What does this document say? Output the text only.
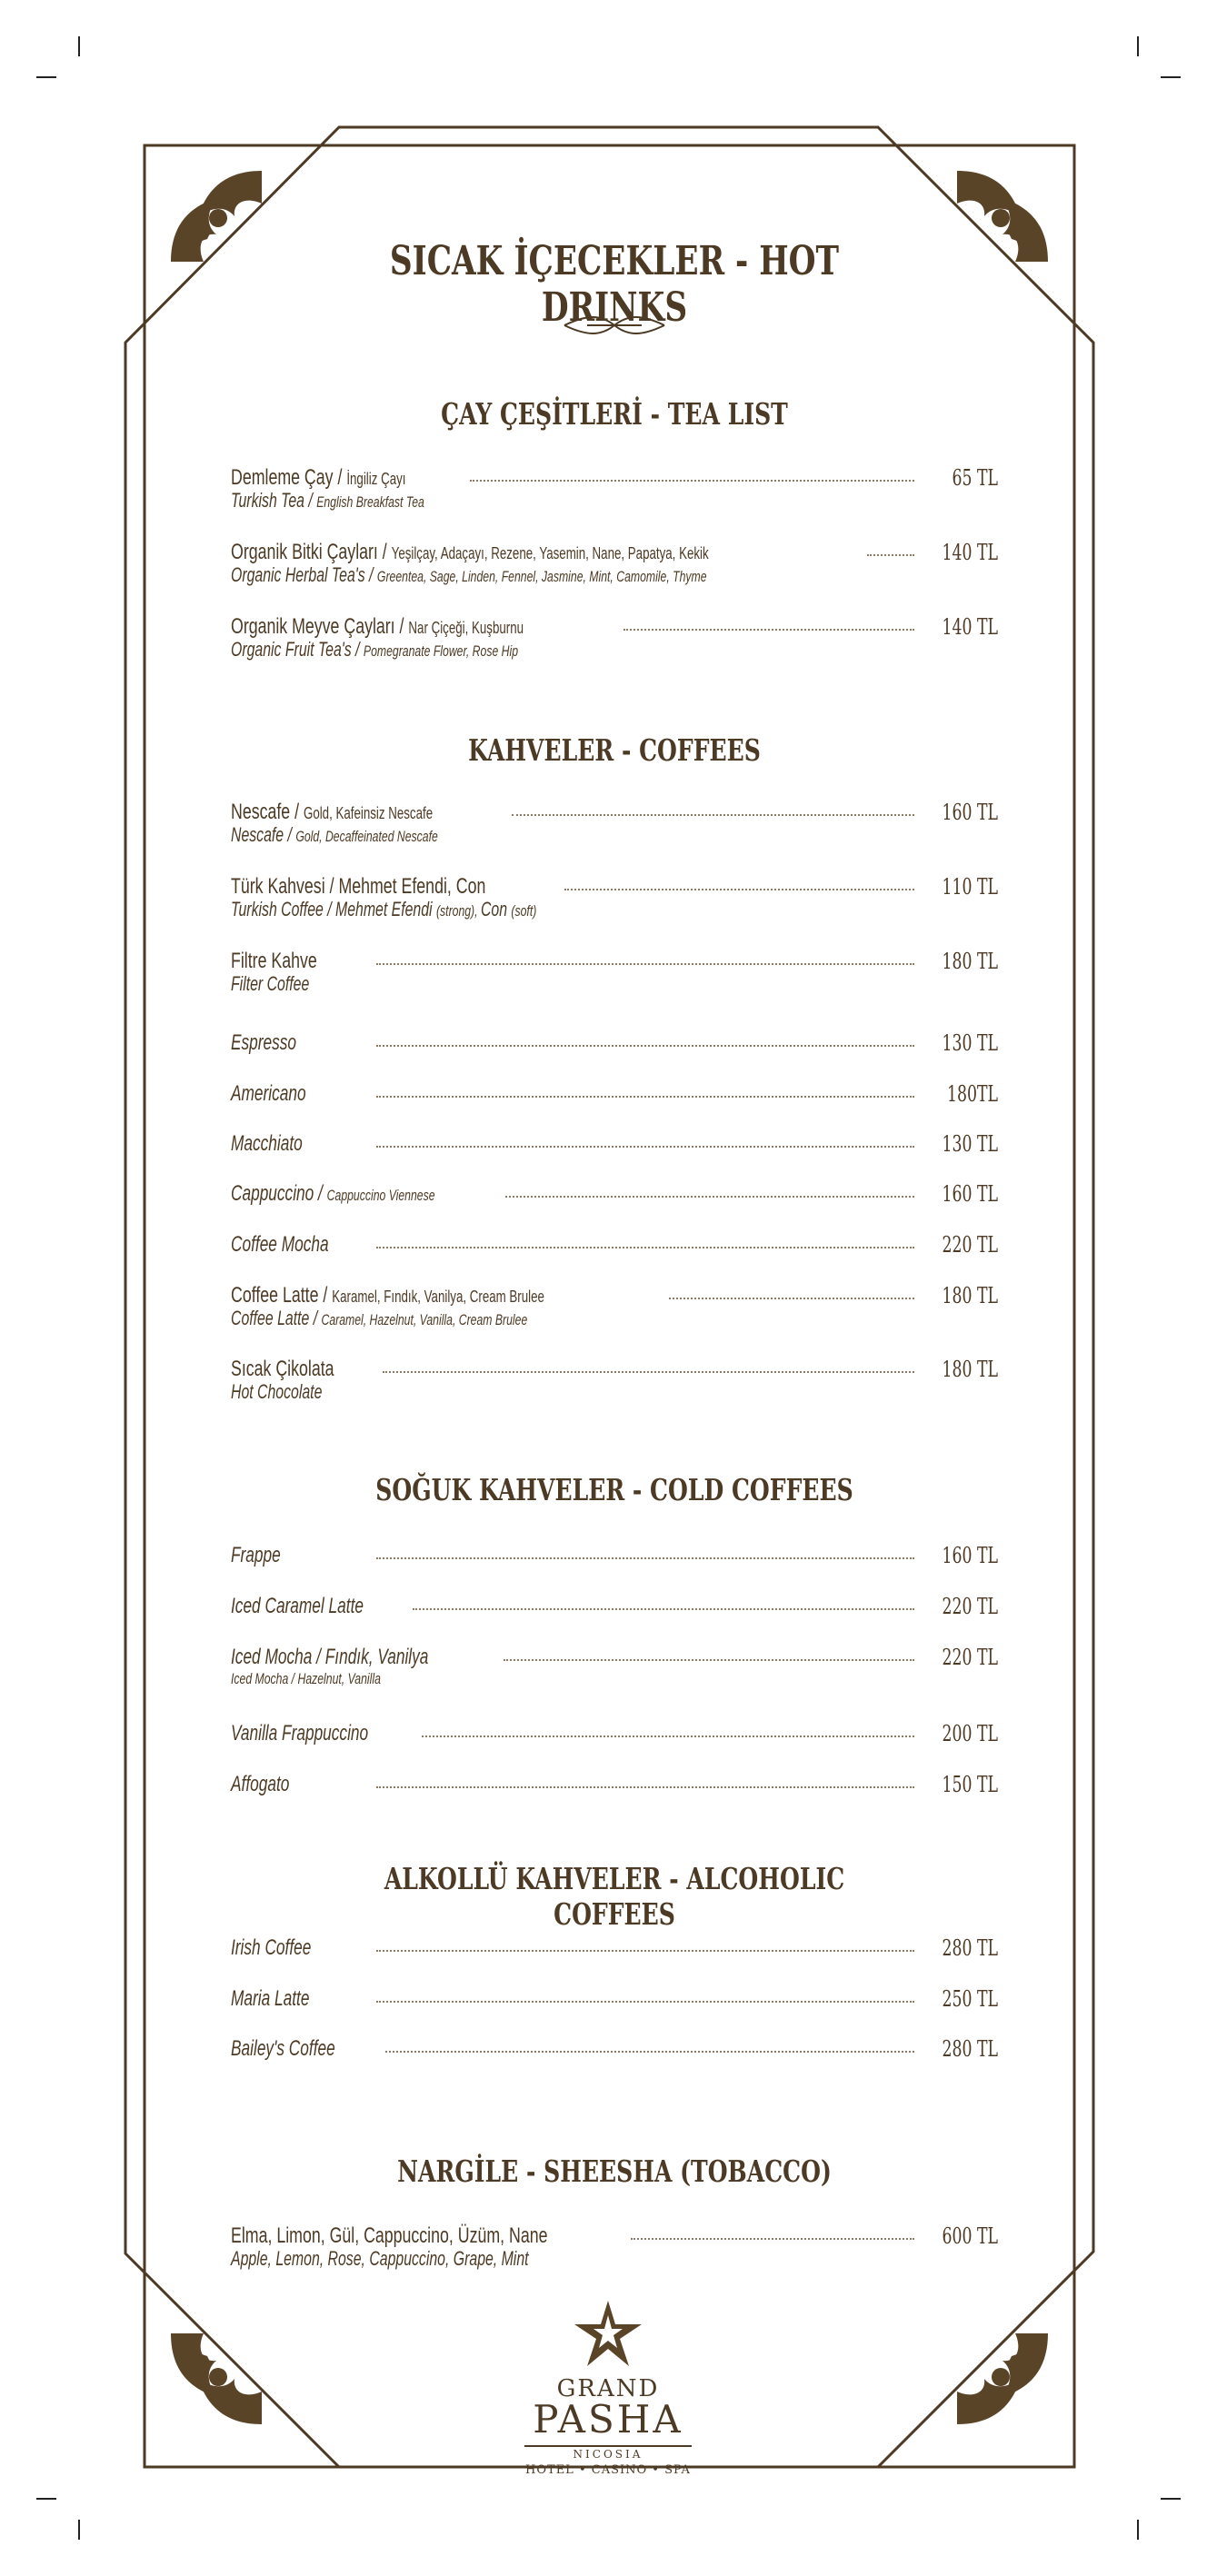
SICAK İÇECEKLER - HOT DRINKS
ÇAY ÇEŞİTLERİ - TEA LIST
Demleme Çay / İngiliz Çayı
Turkish Tea / English Breakfast Tea
65 TL
Organik Bitki Çayları / Yeşilçay, Adaçayı, Rezene, Yasemin, Nane, Papatya, Kekik
Organic Herbal Tea's / Greentea, Sage, Linden, Fennel, Jasmine, Mint, Camomile, Thyme
140 TL
Organik Meyve Çayları / Nar Çiçeği, Kuşburnu
Organic Fruit Tea's / Pomegranate Flower, Rose Hip
140 TL
KAHVELER - COFFEES
Nescafe / Gold, Kafeinsiz Nescafe
Nescafe / Gold, Decaffeinated Nescafe
160 TL
Türk Kahvesi / Mehmet Efendi, Con
Turkish Coffee / Mehmet Efendi (strong), Con (soft)
110 TL
Filtre Kahve
Filter Coffee
180 TL
Espresso	130 TL
Americano	180TL
Macchiato	130 TL
Cappuccino / Cappuccino Viennese	160 TL
Coffee Mocha	220 TL
Coffee Latte / Karamel, Fındık, Vanilya, Cream Brulee
Coffee Latte / Caramel, Hazelnut, Vanilla, Cream Brulee
180 TL
Sıcak Çikolata
Hot Chocolate
180 TL
SOĞUK KAHVELER - COLD COFFEES
Frappe	160 TL
Iced Caramel Latte	220 TL
Iced Mocha / Fındık, Vanilya
Iced Mocha / Hazelnut, Vanilla
220 TL
Vanilla Frappuccino	200 TL
Affogato	150 TL
ALKOLLÜ KAHVELER - ALCOHOLIC COFFEES
Irish Coffee	280 TL
Maria Latte	250 TL
Bailey's Coffee	280 TL
NARGİLE - SHEESHA (TOBACCO)
Elma, Limon, Gül, Cappuccino, Üzüm, Nane
Apple, Lemon, Rose, Cappuccino, Grape, Mint
600 TL
GRAND
PASHA
NICOSIA
HOTEL • CASINO • SPA
